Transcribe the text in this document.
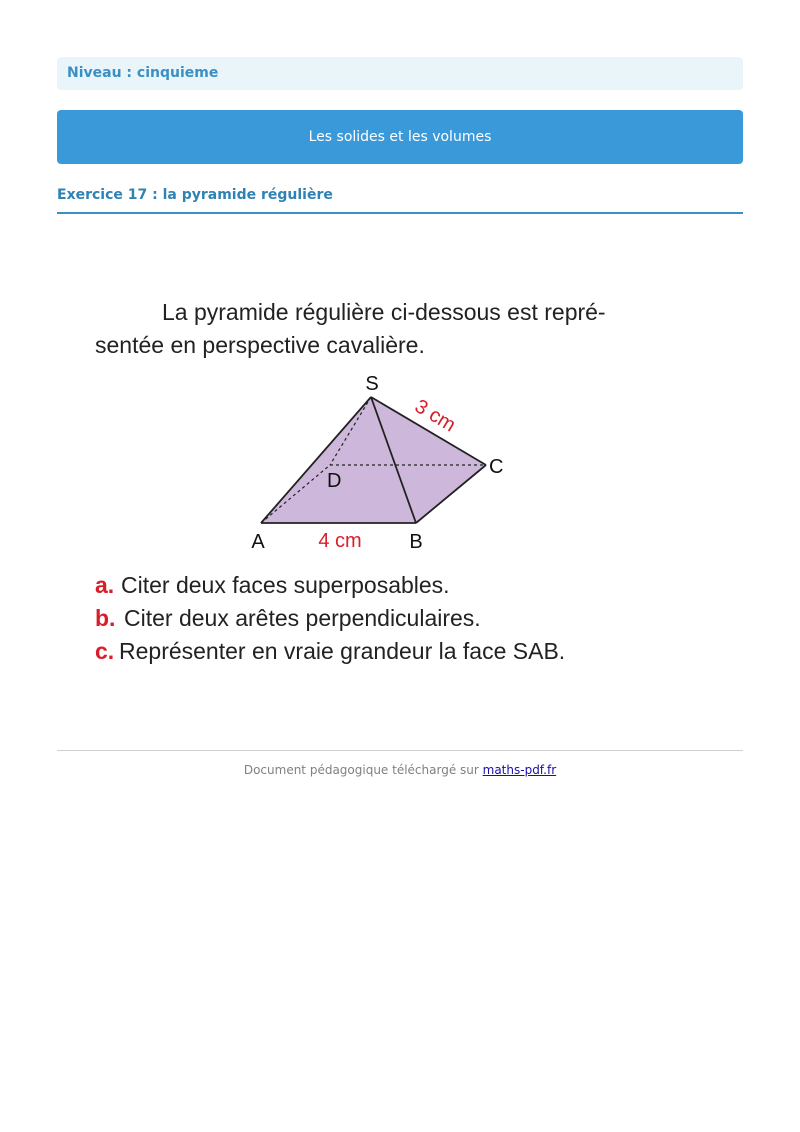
Niveau : cinquieme
Les solides et les volumes
Exercice 17 : la pyramide régulière
La pyramide régulière ci-dessous est repré-
sentée en perspective cavalière.
S
A	B
C
D
4 cm
3 cm
a. Citer deux faces superposables.
b. Citer deux arêtes perpendiculaires.
c. Représenter en vraie grandeur la face SAB.
Document pédagogique téléchargé sur maths-pdf.fr
